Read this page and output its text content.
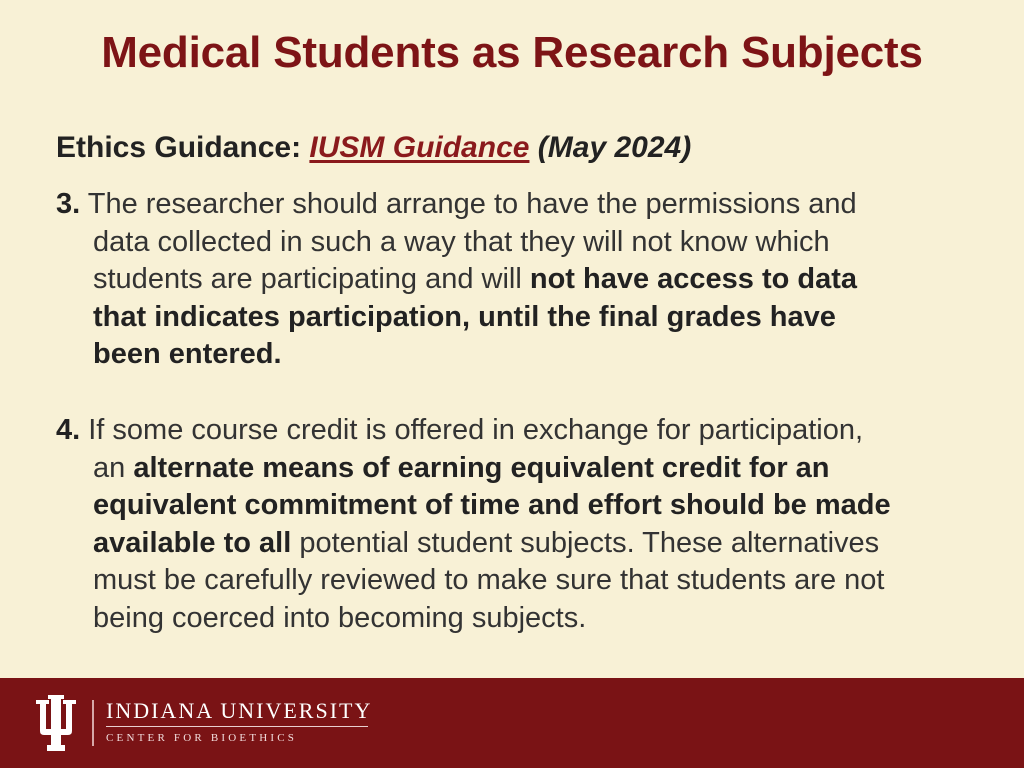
Medical Students as Research Subjects
Ethics Guidance: IUSM Guidance (May 2024)
3. The researcher should arrange to have the permissions and
data collected in such a way that they will not know which
students are participating and will not have access to data
that indicates participation, until the final grades have
been entered.
4. If some course credit is offered in exchange for participation,
an alternate means of earning equivalent credit for an
equivalent commitment of time and effort should be made
available to all potential student subjects. These alternatives
must be carefully reviewed to make sure that students are not
being coerced into becoming subjects.
INDIANA UNIVERSITY
CENTER FOR BIOETHICS
